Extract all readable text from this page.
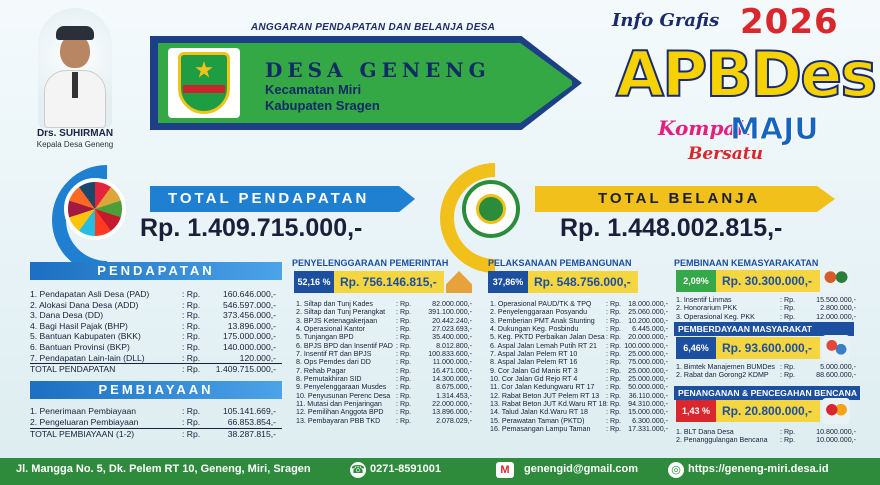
Drs. SUHIRMAN
Kepala Desa Geneng
ANGGARAN PENDAPATAN DAN BELANJA DESA
DESA GENENG
Kecamatan Miri
Kabupaten Sragen
Info Grafis 2026
APBDes
Kompak
MAJU
Bersatu
TOTAL PENDAPATAN
Rp. 1.409.715.000,-
TOTAL BELANJA
Rp. 1.448.002.815,-
PENDAPATAN
1. Pendapatan Asli Desa (PAD)	: Rp.	160.646.000,-
2. Alokasi Dana Desa (ADD)	: Rp.	546.597.000,-
3. Dana Desa (DD)	: Rp.	373.456.000,-
4. Bagi Hasil Pajak (BHP)	: Rp.	13.896.000,-
5. Bantuan Kabupaten (BKK)	: Rp.	175.000.000,-
6. Bantuan Provinsi (BKP)	: Rp.	140.000.000,-
7. Pendapatan Lain-lain (DLL)	: Rp.	120.000,-
TOTAL PENDAPATAN	: Rp.	1.409.715.000,-
PEMBIAYAAN
1. Penerimaan Pembiayaan	: Rp.	105.141.669,-
2. Pengeluaran Pembiayaan	: Rp.	66.853.854,-
TOTAL PEMBIAYAAN (1-2)	: Rp.	38.287.815,-
PENYELENGGARAAN PEMERINTAH
52,16 % Rp. 756.146.815,-
1. Siltap dan Tunj Kades	: Rp.	82.000.000,-
2. Siltap dan Tunj Perangkat	: Rp.	391.100.000,-
3. BPJS Ketenagakerjaan	: Rp.	20.442.240,-
4. Operasional Kantor	: Rp.	27.023.693,-
5. Tunjangan BPD	: Rp.	35.400.000,-
6. BPJS BPD dan Insentif PAD : Rp.	8.012.800,-
7. Insentif RT dan BPJS	: Rp.	100.833.600,-
8. Ops Pemdes dari DD	: Rp.	11.000.000,-
7. Rehab Pagar	: Rp.	16.471.000,-
8. Pemutakhiran SID	: Rp.	14.300.000,-
9. Penyelenggaraan Musdes	: Rp.	8.675.000,-
10. Penyusunan Perenc Desa : Rp.	1.314.453,-
11. Mutasi dan Penjaringan	: Rp.	22.000.000,-
12. Pemilihan Anggota BPD	: Rp.	13.896.000,-
13. Pembayaran PBB TKD	: Rp.	2.078.029,-
PELAKSANAAN PEMBANGUNAN
37,86% Rp. 548.756.000,-
1. Operasional PAUD/TK & TPQ	: Rp.	18.000.000,-
2. Penyelenggaraan Posyandu	: Rp.	25.060.000,-
3. Pemberian PMT Anak Stunting	: Rp.	10.200.000,-
4. Dukungan Keg. Posbindu	: Rp.	6.445.000,-
5. Keg. PKTD Perbaikan Jalan Desa : Rp.	20.000.000,-
6. Aspal Jalan Lemah Putih RT 21	: Rp. 100.000.000,-
7. Aspal Jalan Pelem RT 10	: Rp.	25.000.000,-
8. Aspal Jalan Pelem RT 16	: Rp.	75.000.000,-
9. Cor Jalan Gd Manis RT 3	: Rp.	25.000.000,-
10. Cor Jalan Gd Rejo RT 4	: Rp.	25.000.000,-
11. Cor Jalan Kedungwaru RT 17	: Rp.	50.000.000,-
12. Rabat Beton JUT Pelem RT 13 : Rp.	36.110.000,-
13. Rabat Beton JUT Kd.Waru RT 18 : Rp.	94.310.000,-
14. Talud Jalan Kd.Waru RT 18	: Rp.	15.000.000,-
15. Perawatan Taman (PKTD)	: Rp.	6.300.000,-
16. Pemasangan Lampu Taman	: Rp.	17.331.000,-
PEMBINAAN KEMASYARAKATAN
2,09%	Rp. 30.300.000,-
1. Insentif Linmas	: Rp.	15.500.000,-
2. Honorarium PKK	: Rp.	2.800.000,-
3. Operasional Keg. PKK	: Rp.	12.000.000,-
PEMBERDAYAAN MASYARAKAT
6,46%	Rp. 93.600.000,-
1. Bimtek Manajemen BUMDes : Rp.	5.000.000,-
2. Rabat dan Gorong2 KDMP	: Rp.	88.600.000,-
PENANGANAN & PENCEGAHAN BENCANA
1,43 % Rp. 20.800.000,-
1. BLT Dana Desa	: Rp.	10.800.000,-
2. Penanggulangan Bencana	: Rp.	10.000.000,-
Jl. Mangga No. 5, Dk. Pelem RT 10, Geneng, Miri, Sragen	☎ 0271-8591001	M	genengid@gmail.com	◎ https://geneng-miri.desa.id
